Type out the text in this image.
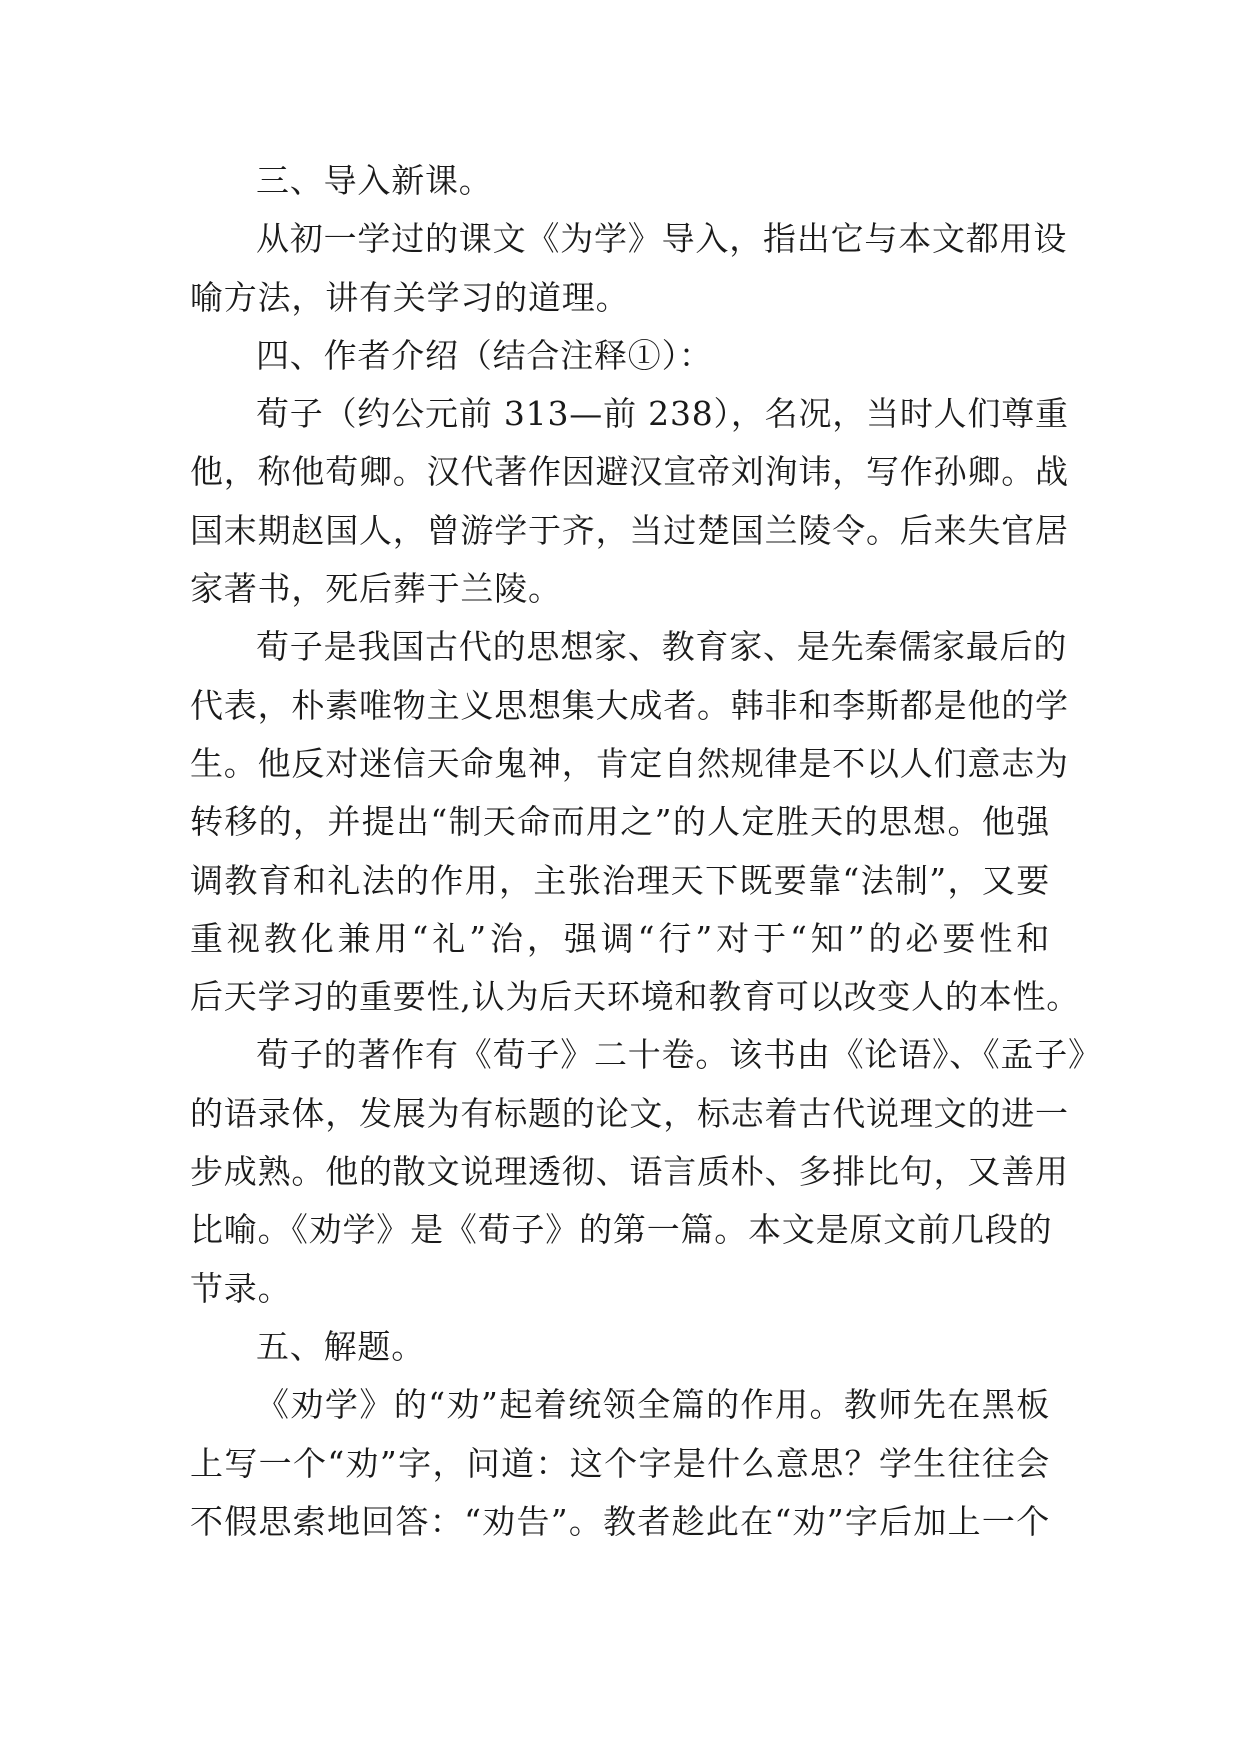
三、导入新课。
从初一学过的课文《为学》导入，指出它与本文都用设
喻方法，讲有关学习的道理。
四、作者介绍（结合注释①）：
荀子（约公元前 313—前 238），名况，当时人们尊重
他，称他荀卿。汉代著作因避汉宣帝刘洵讳，写作孙卿。战
国末期赵国人，曾游学于齐，当过楚国兰陵令。后来失官居
家著书，死后葬于兰陵。
荀子是我国古代的思想家、教育家、是先秦儒家最后的
代表，朴素唯物主义思想集大成者。韩非和李斯都是他的学
生。他反对迷信天命鬼神，肯定自然规律是不以人们意志为
转移的，并提出“制天命而用之”的人定胜天的思想。他强
调教育和礼法的作用，主张治理天下既要靠“法制”，又要
重视教化兼用“礼”治，强调“行”对于“知”的必要性和
后天学习的重要性,认为后天环境和教育可以改变人的本性。
荀子的著作有《荀子》二十卷。该书由《论语》、《孟子》
的语录体，发展为有标题的论文，标志着古代说理文的进一
步成熟。他的散文说理透彻、语言质朴、多排比句，又善用
比喻。《劝学》是《荀子》的第一篇。本文是原文前几段的
节录。
五、解题。
《劝学》的“劝”起着统领全篇的作用。教师先在黑板
上写一个“劝”字，问道：这个字是什么意思？学生往往会
不假思索地回答：“劝告”。教者趁此在“劝”字后加上一个
